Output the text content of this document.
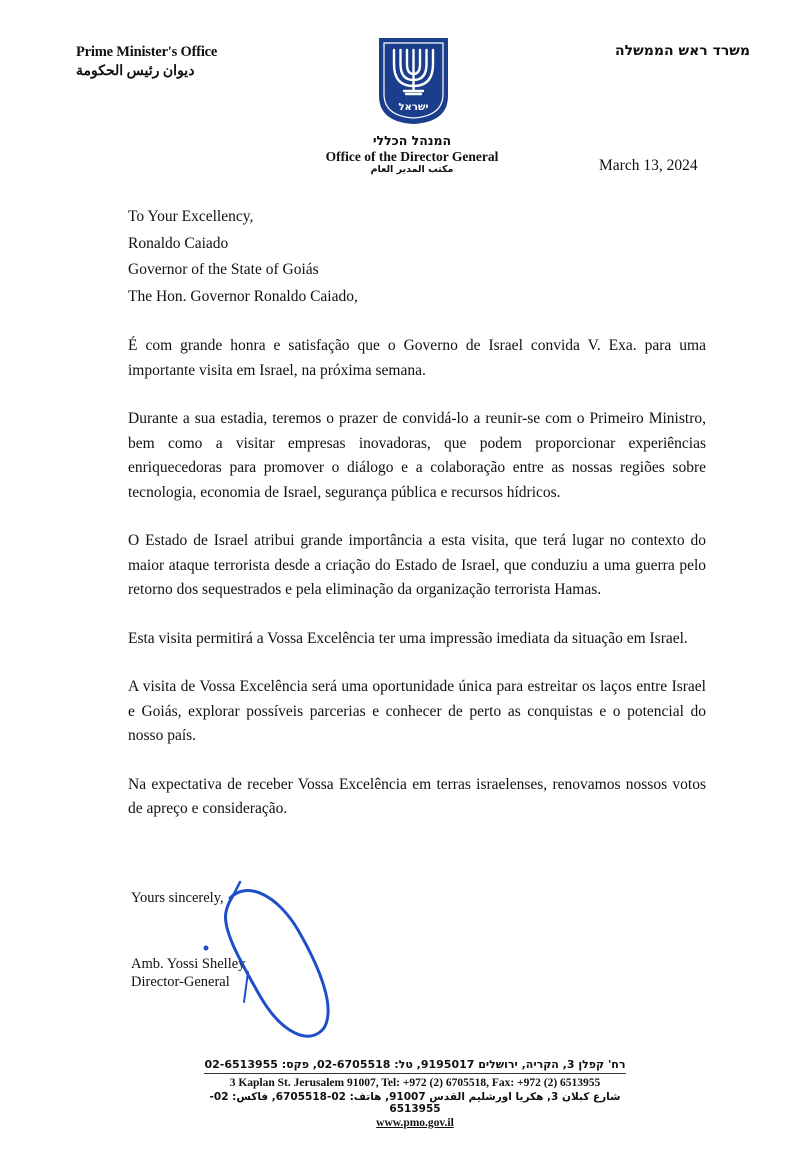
Prime Minister's Office
ديوان رئيس الحكومة
משרד ראש הממשלה
ישראל
המנהל הכללי
Office of the Director General
مكتب المدير العام	March 13, 2024
To Your Excellency,
Ronaldo Caiado
Governor of the State of Goiás
The Hon. Governor Ronaldo Caiado,

É com grande honra e satisfação que o Governo de Israel convida V. Exa. para uma importante visita em Israel, na próxima semana.

Durante a sua estadia, teremos o prazer de convidá-lo a reunir-se com o Primeiro Ministro, bem como a visitar empresas inovadoras, que podem proporcionar experiências enriquecedoras para promover o diálogo e a colaboração entre as nossas regiões sobre tecnologia, economia de Israel, segurança pública e recursos hídricos.

O Estado de Israel atribui grande importância a esta visita, que terá lugar no contexto do maior ataque terrorista desde a criação do Estado de Israel, que conduziu a uma guerra pelo retorno dos sequestrados e pela eliminação da organização terrorista Hamas.

Esta visita permitirá a Vossa Excelência ter uma impressão imediata da situação em Israel.

A visita de Vossa Excelência será uma oportunidade única para estreitar os laços entre Israel e Goiás, explorar possíveis parcerias e conhecer de perto as conquistas e o potencial do nosso país.

Na expectativa de receber Vossa Excelência em terras israelenses, renovamos nossos votos de apreço e consideração.

Yours sincerely,
Amb. Yossi Shelley
Director-General
רח' קפלן 3, הקריה, ירושלים 9195017, טל: 02-6705518, פקס: 02-6513955
3 Kaplan St. Jerusalem 91007, Tel: +972 (2) 6705518, Fax: +972 (2) 6513955
شارع كبلان 3, هكريا اورشليم القدس 91007, هاتف: 02-6705518, فاكس: 02-6513955
www.pmo.gov.il
